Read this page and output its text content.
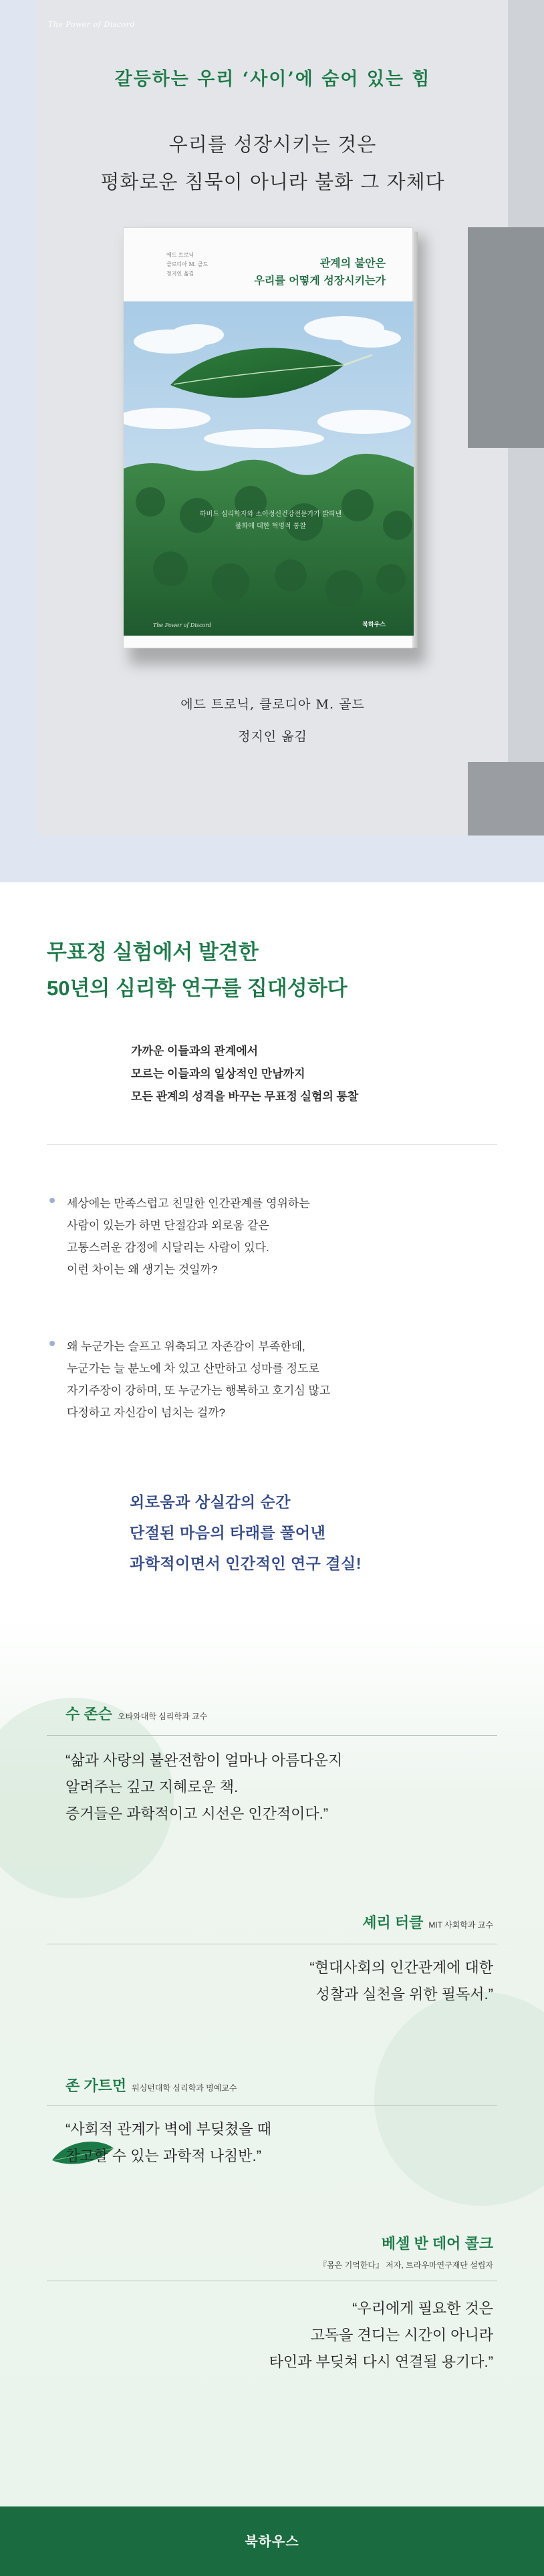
The Power of Discord
갈등하는 우리 ‘사이’에 숨어 있는 힘
우리를 성장시키는 것은
평화로운 침묵이 아니라 불화 그 자체다
에드 트로닉
클로디아 M. 골드
정지인 옮김
관계의 불안은
우리를 어떻게 성장시키는가
하버드 심리학자와 소아정신건강전문가가 밝혀낸
불화에 대한 혁명적 통찰
The Power of Discord	북하우스
에드 트로닉, 클로디아 M. 골드
정지인 옮김
무표정 실험에서 발견한
50년의 심리학 연구를 집대성하다
가까운 이들과의 관계에서
모르는 이들과의 일상적인 만남까지
모든 관계의 성격을 바꾸는 무표정 실험의 통찰
세상에는 만족스럽고 친밀한 인간관계를 영위하는
사람이 있는가 하면 단절감과 외로움 같은
고통스러운 감정에 시달리는 사람이 있다.
이런 차이는 왜 생기는 것일까?
왜 누군가는 슬프고 위축되고 자존감이 부족한데,
누군가는 늘 분노에 차 있고 산만하고 성마를 정도로
자기주장이 강하며, 또 누군가는 행복하고 호기심 많고
다정하고 자신감이 넘치는 걸까?
외로움과 상실감의 순간
단절된 마음의 타래를 풀어낸
과학적이면서 인간적인 연구 결실!
수 존슨 오타와대학 심리학과 교수
“삶과 사랑의 불완전함이 얼마나 아름다운지
알려주는 깊고 지혜로운 책.
증거들은 과학적이고 시선은 인간적이다.”
셰리 터클 MIT 사회학과 교수
“현대사회의 인간관계에 대한
성찰과 실천을 위한 필독서.”
존 가트먼 워싱턴대학 심리학과 명예교수
“사회적 관계가 벽에 부딪쳤을 때
참고할 수 있는 과학적 나침반.”
베셀 반 데어 콜크
『몸은 기억한다』 저자, 트라우마연구재단 설립자
“우리에게 필요한 것은
고독을 견디는 시간이 아니라
타인과 부딪쳐 다시 연결될 용기다.”
북하우스
